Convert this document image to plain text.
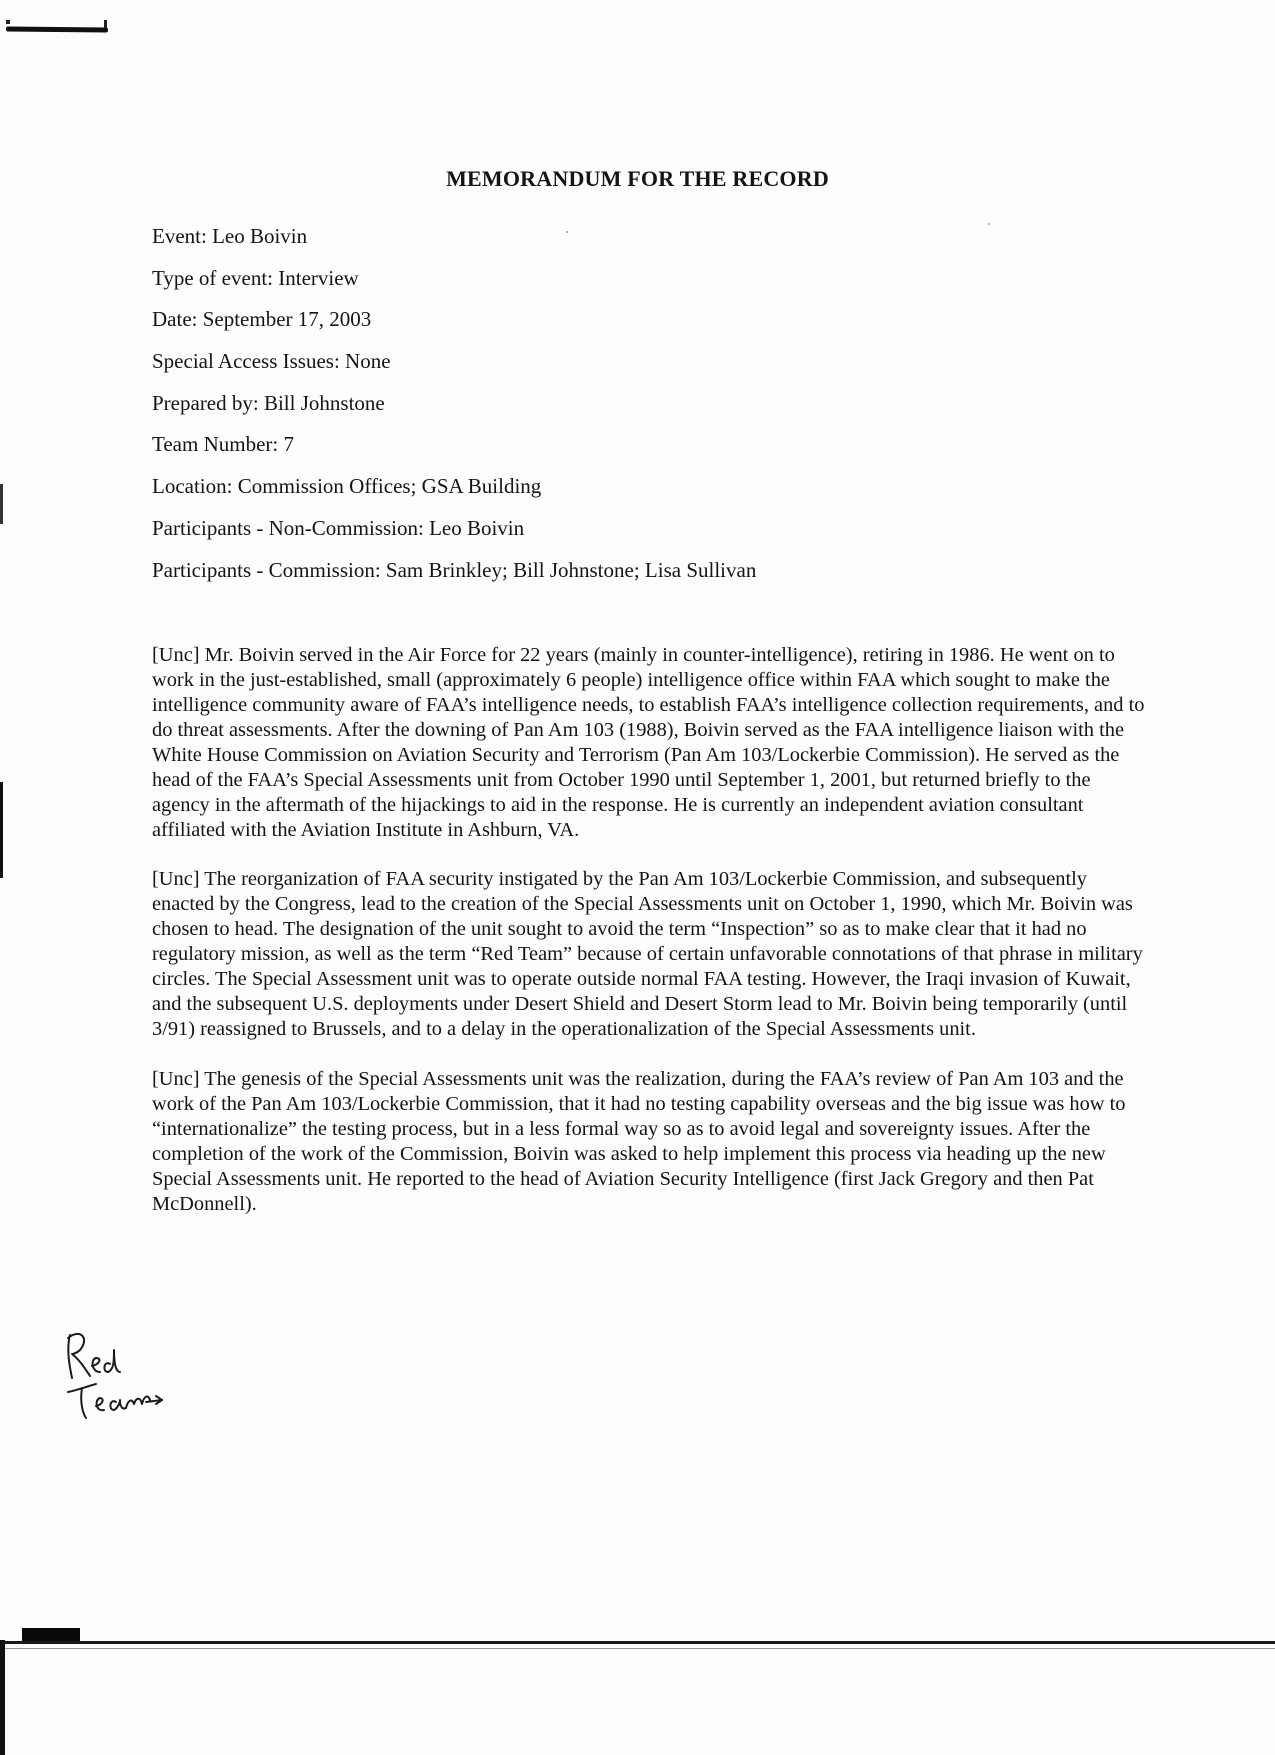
MEMORANDUM FOR THE RECORD
Event: Leo Boivin
Type of event: Interview
Date: September 17, 2003
Special Access Issues: None
Prepared by: Bill Johnstone
Team Number: 7
Location: Commission Offices; GSA Building
Participants - Non-Commission: Leo Boivin
Participants - Commission: Sam Brinkley; Bill Johnstone; Lisa Sullivan

[Unc] Mr. Boivin served in the Air Force for 22 years (mainly in counter-intelligence), retiring in 1986. He went on to work in the just-established, small (approximately 6 people) intelligence office within FAA which sought to make the intelligence community aware of FAA’s intelligence needs, to establish FAA’s intelligence collection requirements, and to do threat assessments. After the downing of Pan Am 103 (1988), Boivin served as the FAA intelligence liaison with the White House Commission on Aviation Security and Terrorism (Pan Am 103/Lockerbie Commission). He served as the head of the FAA’s Special Assessments unit from October 1990 until September 1, 2001, but returned briefly to the agency in the aftermath of the hijackings to aid in the response. He is currently an independent aviation consultant affiliated with the Aviation Institute in Ashburn, VA.

[Unc] The reorganization of FAA security instigated by the Pan Am 103/Lockerbie Commission, and subsequently enacted by the Congress, lead to the creation of the Special Assessments unit on October 1, 1990, which Mr. Boivin was chosen to head. The designation of the unit sought to avoid the term “Inspection” so as to make clear that it had no regulatory mission, as well as the term “Red Team” because of certain unfavorable connotations of that phrase in military circles. The Special Assessment unit was to operate outside normal FAA testing. However, the Iraqi invasion of Kuwait, and the subsequent U.S. deployments under Desert Shield and Desert Storm lead to Mr. Boivin being temporarily (until 3/91) reassigned to Brussels, and to a delay in the operationalization of the Special Assessments unit.

[Unc] The genesis of the Special Assessments unit was the realization, during the FAA’s review of Pan Am 103 and the work of the Pan Am 103/Lockerbie Commission, that it had no testing capability overseas and the big issue was how to “internationalize” the testing process, but in a less formal way so as to avoid legal and sovereignty issues. After the completion of the work of the Commission, Boivin was asked to help implement this process via heading up the new Special Assessments unit. He reported to the head of Aviation Security Intelligence (first Jack Gregory and then Pat McDonnell).
